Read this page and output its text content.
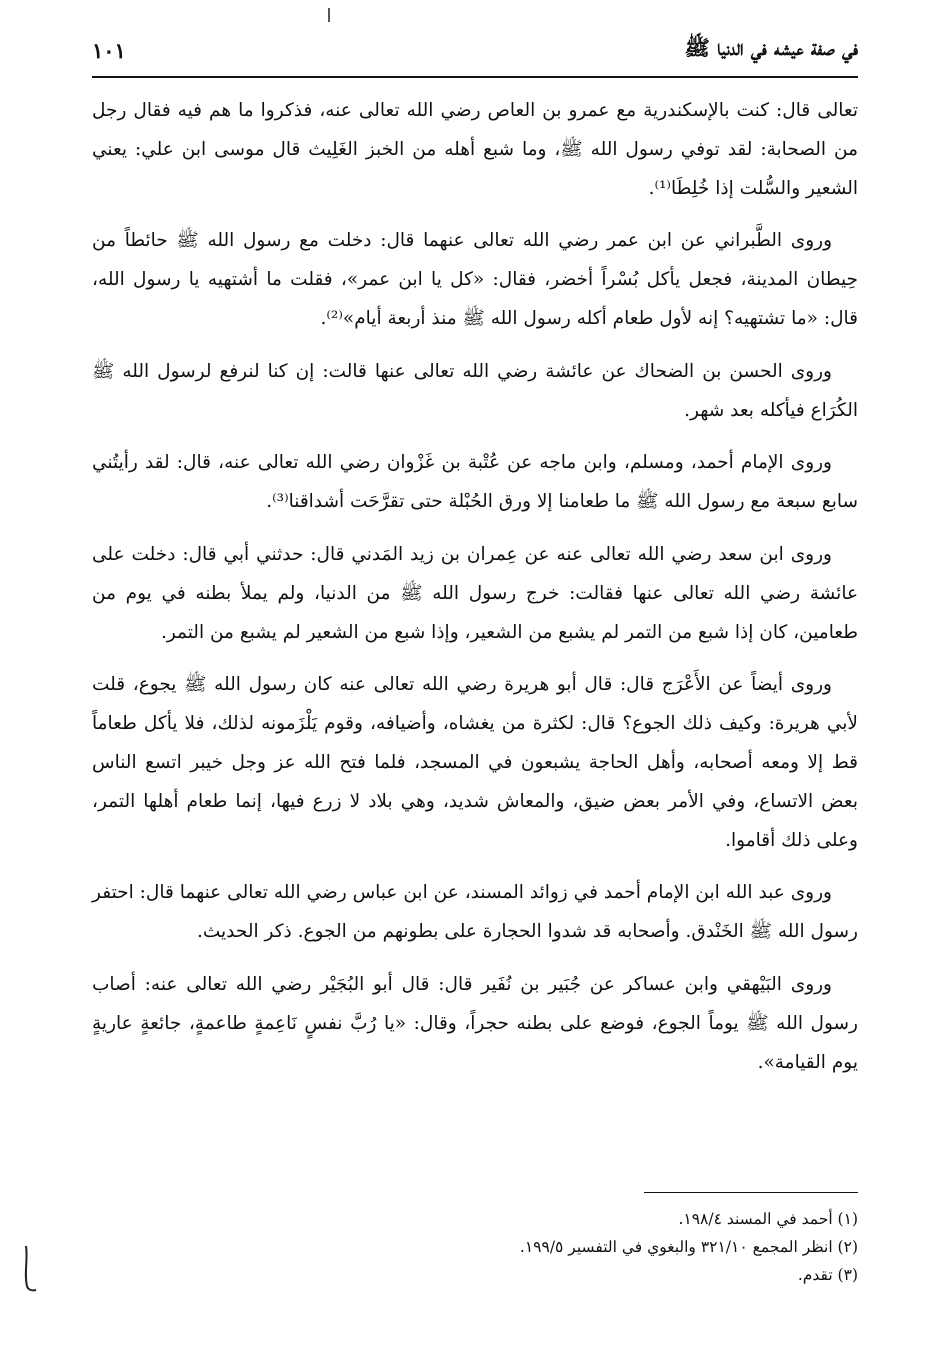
في صفة عيشه في الدنيا ﷺ
١٠١

تعالى قال: كنت بالإسكندرية مع عمرو بن العاص رضي الله تعالى عنه، فذكروا ما هم فيه فقال رجل من الصحابة: لقد توفي رسول الله ﷺ، وما شبع أهله من الخبز الغَلِيث قال موسى ابن علي: يعني الشعير والسُّلت إذا خُلِطَا⁽¹⁾.

وروى الطَّبراني عن ابن عمر رضي الله تعالى عنهما قال: دخلت مع رسول الله ﷺ حائطاً من حِيطان المدينة، فجعل يأكل بُسْراً أخضر، فقال: «كل يا ابن عمر»، فقلت ما أشتهيه يا رسول الله، قال: «ما تشتهيه؟ إنه لأول طعام أكله رسول الله ﷺ منذ أربعة أيام»⁽²⁾.

وروى الحسن بن الضحاك عن عائشة رضي الله تعالى عنها قالت: إن كنا لنرفع لرسول الله ﷺ الكُرَاع فيأكله بعد شهر.

وروى الإمام أحمد، ومسلم، وابن ماجه عن عُتْبة بن غَزْوان رضي الله تعالى عنه، قال: لقد رأيتُني سابع سبعة مع رسول الله ﷺ ما طعامنا إلا ورق الحُبْلة حتى تقرَّحَت أشداقنا⁽³⁾.

وروى ابن سعد رضي الله تعالى عنه عن عِمران بن زيد المَدني قال: حدثني أبي قال: دخلت على عائشة رضي الله تعالى عنها فقالت: خرج رسول الله ﷺ من الدنيا، ولم يملأ بطنه في يوم من طعامين، كان إذا شبع من التمر لم يشبع من الشعير، وإذا شبع من الشعير لم يشبع من التمر.

وروى أيضاً عن الأَعْرَج قال: قال أبو هريرة رضي الله تعالى عنه كان رسول الله ﷺ يجوع، قلت لأبي هريرة: وكيف ذلك الجوع؟ قال: لكثرة من يغشاه، وأضيافه، وقوم يَلْزَمونه لذلك، فلا يأكل طعاماً قط إلا ومعه أصحابه، وأهل الحاجة يشبعون في المسجد، فلما فتح الله عز وجل خيبر اتسع الناس بعض الاتساع، وفي الأمر بعض ضيق، والمعاش شديد، وهي بلاد لا زرع فيها، إنما طعام أهلها التمر، وعلى ذلك أقاموا.

وروى عبد الله ابن الإمام أحمد في زوائد المسند، عن ابن عباس رضي الله تعالى عنهما قال: احتفر رسول الله ﷺ الخَنْدق. وأصحابه قد شدوا الحجارة على بطونهم من الجوع. ذكر الحديث.

وروى البَيْهقي وابن عساكر عن جُبَير بن نُفَير قال: قال أبو البُجَيْر رضي الله تعالى عنه: أصاب رسول الله ﷺ يوماً الجوع، فوضع على بطنه حجراً، وقال: «يا رُبَّ نفسٍ نَاعِمةٍ طاعمةٍ، جائعةٍ عاريةٍ يوم القيامة».

(١) أحمد في المسند ١٩٨/٤.

(٢) انظر المجمع ٣٢١/١٠ والبغوي في التفسير ١٩٩/٥.

(٣) تقدم.
